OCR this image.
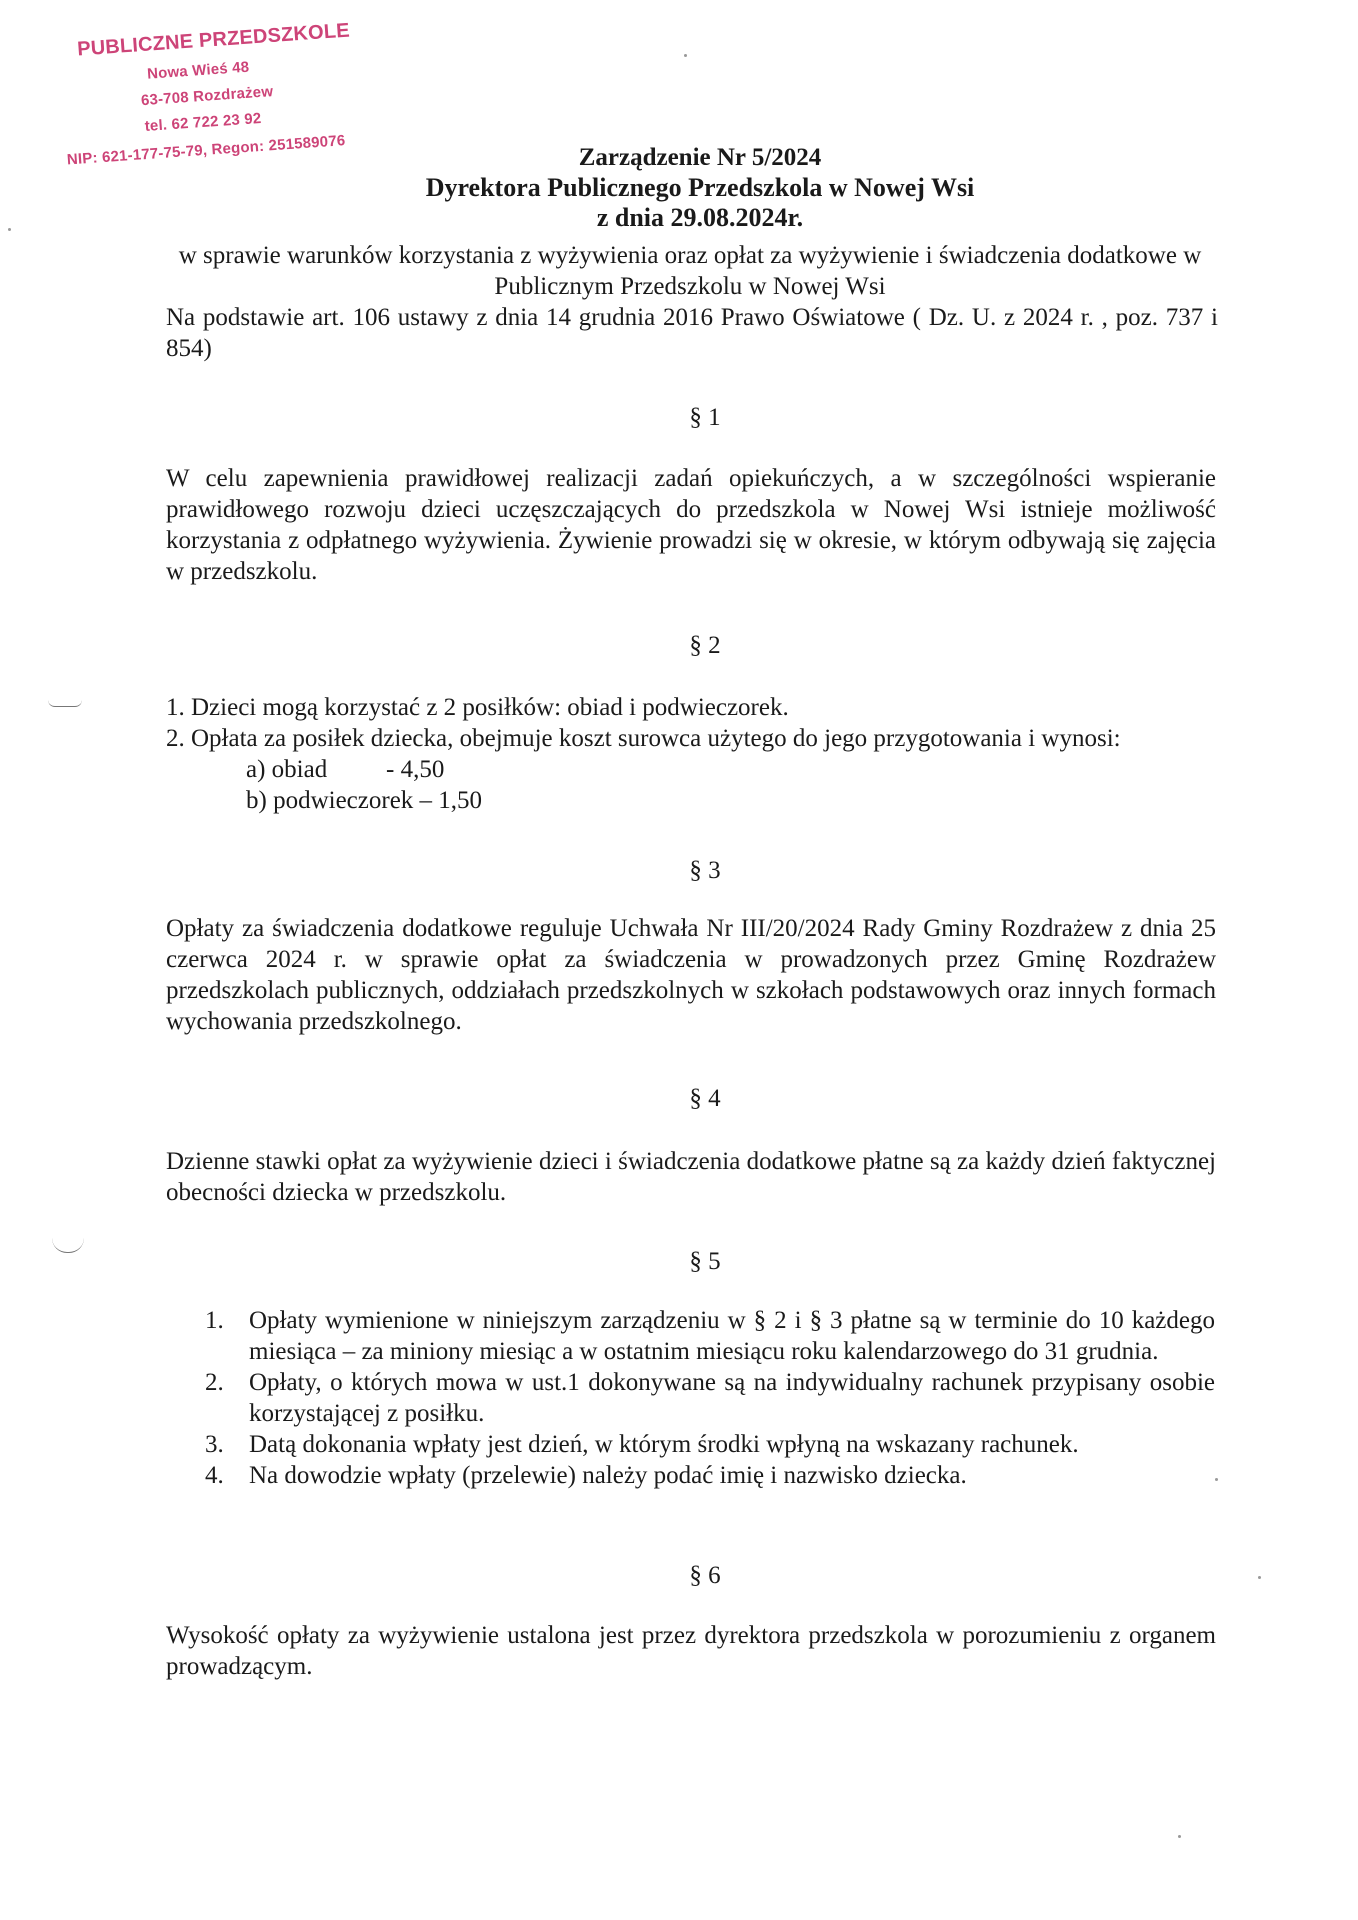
PUBLICZNE PRZEDSZKOLE
Nowa Wieś 48
63-708 Rozdrażew
tel. 62 722 23 92
NIP: 621-177-75-79, Regon: 251589076	Zarządzenie Nr 5/2024
Dyrektora Publicznego Przedszkola w Nowej Wsi
z dnia 29.08.2024r.
w sprawie warunków korzystania z wyżywienia oraz opłat za wyżywienie i świadczenia dodatkowe w Publicznym Przedszkolu w Nowej Wsi
Na podstawie art. 106 ustawy z dnia 14 grudnia 2016 Prawo Oświatowe ( Dz. U. z 2024 r. , poz. 737 i 854)
§ 1
W celu zapewnienia prawidłowej realizacji zadań opiekuńczych, a w szczególności wspieranie prawidłowego rozwoju dzieci uczęszczających do przedszkola w Nowej Wsi istnieje możliwość korzystania z odpłatnego wyżywienia. Żywienie prowadzi się w okresie, w którym odbywają się zajęcia w przedszkolu.
§ 2
1. Dzieci mogą korzystać z 2 posiłków: obiad i podwieczorek.
2. Opłata za posiłek dziecka, obejmuje koszt surowca użytego do jego przygotowania i wynosi:
a) obiad - 4,50
b) podwieczorek – 1,50
§ 3
Opłaty za świadczenia dodatkowe reguluje Uchwała Nr III/20/2024 Rady Gminy Rozdrażew z dnia 25 czerwca 2024 r. w sprawie opłat za świadczenia w prowadzonych przez Gminę Rozdrażew przedszkolach publicznych, oddziałach przedszkolnych w szkołach podstawowych oraz innych formach wychowania przedszkolnego.
§ 4
Dzienne stawki opłat za wyżywienie dzieci i świadczenia dodatkowe płatne są za każdy dzień faktycznej obecności dziecka w przedszkolu.
§ 5
1. Opłaty wymienione w niniejszym zarządzeniu w § 2 i § 3 płatne są w terminie do 10 każdego miesiąca – za miniony miesiąc a w ostatnim miesiącu roku kalendarzowego do 31 grudnia.
2. Opłaty, o których mowa w ust.1 dokonywane są na indywidualny rachunek przypisany osobie korzystającej z posiłku.
3. Datą dokonania wpłaty jest dzień, w którym środki wpłyną na wskazany rachunek.
4. Na dowodzie wpłaty (przelewie) należy podać imię i nazwisko dziecka.
§ 6
Wysokość opłaty za wyżywienie ustalona jest przez dyrektora przedszkola w porozumieniu z organem prowadzącym.
